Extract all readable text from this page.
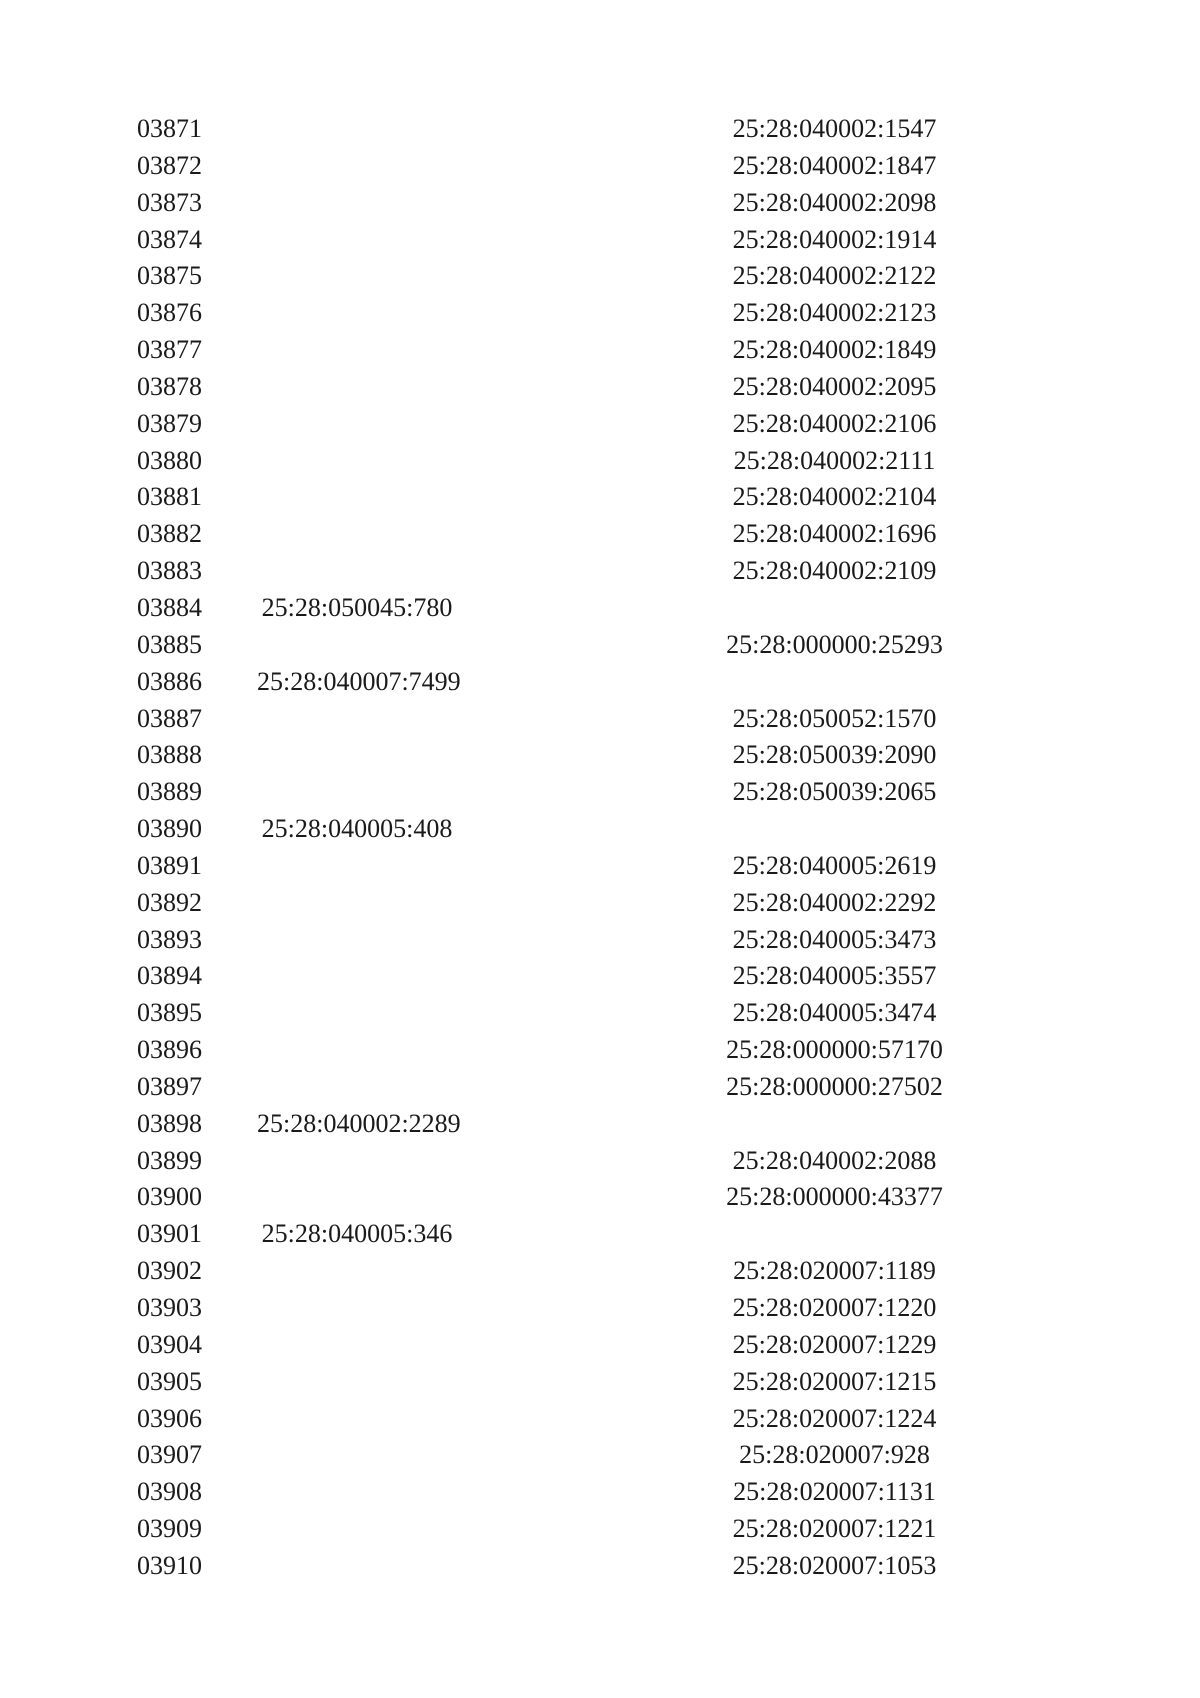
03871			25:28:040002:1547
03872			25:28:040002:1847
03873			25:28:040002:2098
03874			25:28:040002:1914
03875			25:28:040002:2122
03876			25:28:040002:2123
03877			25:28:040002:1849
03878			25:28:040002:2095
03879			25:28:040002:2106
03880			25:28:040002:2111
03881			25:28:040002:2104
03882			25:28:040002:1696
03883			25:28:040002:2109
03884	25:28:050045:780		
03885			25:28:000000:25293
03886	25:28:040007:7499		
03887			25:28:050052:1570
03888			25:28:050039:2090
03889			25:28:050039:2065
03890	25:28:040005:408		
03891			25:28:040005:2619
03892			25:28:040002:2292
03893			25:28:040005:3473
03894			25:28:040005:3557
03895			25:28:040005:3474
03896			25:28:000000:57170
03897			25:28:000000:27502
03898	25:28:040002:2289		
03899			25:28:040002:2088
03900			25:28:000000:43377
03901	25:28:040005:346		
03902			25:28:020007:1189
03903			25:28:020007:1220
03904			25:28:020007:1229
03905			25:28:020007:1215
03906			25:28:020007:1224
03907			25:28:020007:928
03908			25:28:020007:1131
03909			25:28:020007:1221
03910			25:28:020007:1053
